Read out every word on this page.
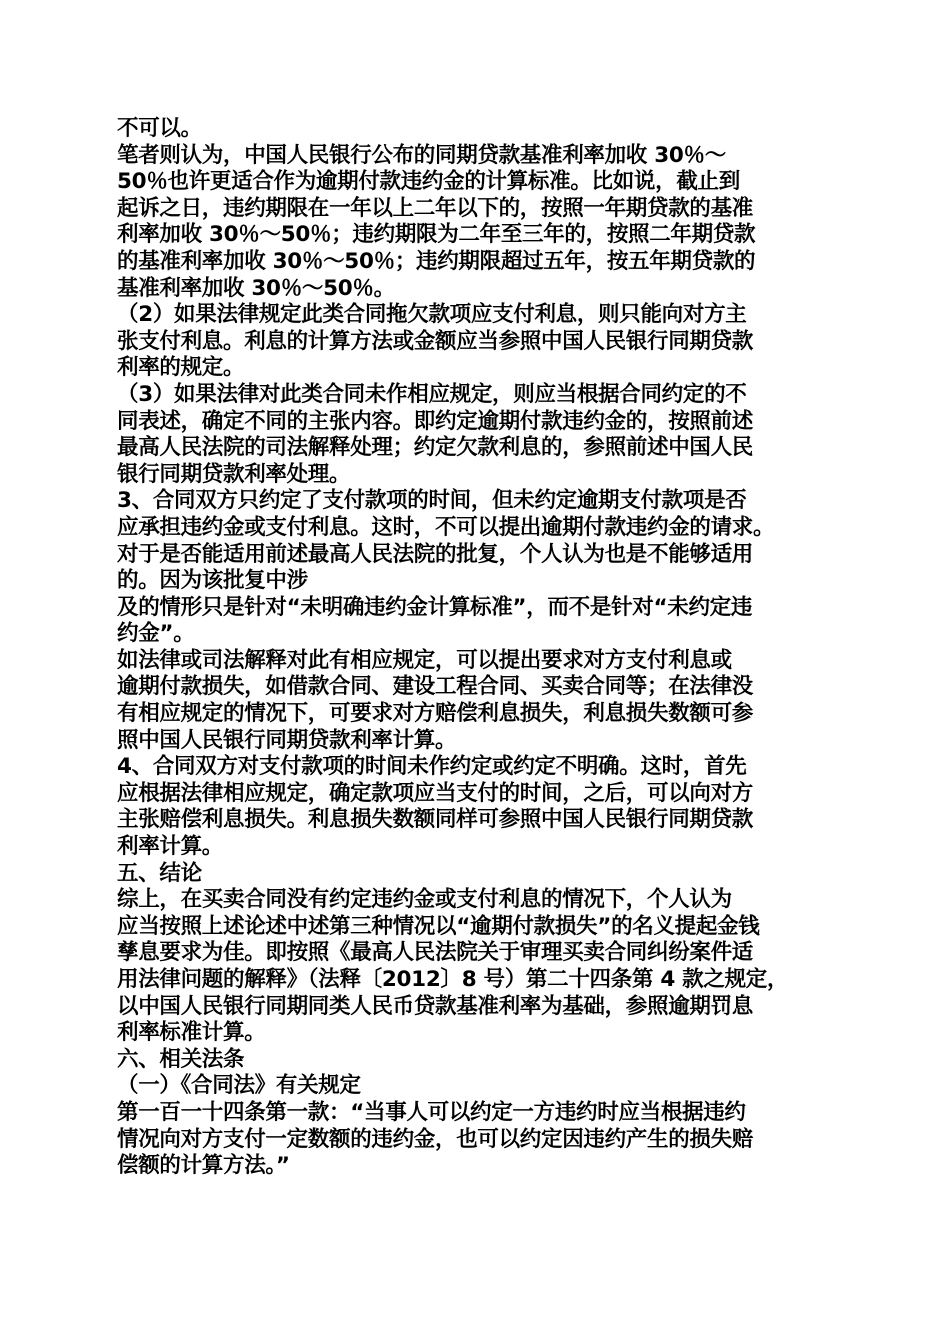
不可以。
笔者则认为，中国人民银行公布的同期贷款基准利率加收 30％～
50％也许更适合作为逾期付款违约金的计算标准。比如说，截止到
起诉之日，违约期限在一年以上二年以下的，按照一年期贷款的基准
利率加收 30％～50％；违约期限为二年至三年的，按照二年期贷款
的基准利率加收 30％～50％；违约期限超过五年，按五年期贷款的
基准利率加收 30％～50％。
（2）如果法律规定此类合同拖欠款项应支付利息，则只能向对方主
张支付利息。利息的计算方法或金额应当参照中国人民银行同期贷款
利率的规定。
（3）如果法律对此类合同未作相应规定，则应当根据合同约定的不
同表述，确定不同的主张内容。即约定逾期付款违约金的，按照前述
最高人民法院的司法解释处理；约定欠款利息的，参照前述中国人民
银行同期贷款利率处理。
3、合同双方只约定了支付款项的时间，但未约定逾期支付款项是否
应承担违约金或支付利息。这时，不可以提出逾期付款违约金的请求。
对于是否能适用前述最高人民法院的批复，个人认为也是不能够适用
的。因为该批复中涉
及的情形只是针对“未明确违约金计算标准”，而不是针对“未约定违
约金”。
如法律或司法解释对此有相应规定，可以提出要求对方支付利息或
逾期付款损失，如借款合同、建设工程合同、买卖合同等；在法律没
有相应规定的情况下，可要求对方赔偿利息损失，利息损失数额可参
照中国人民银行同期贷款利率计算。
4、合同双方对支付款项的时间未作约定或约定不明确。这时，首先
应根据法律相应规定，确定款项应当支付的时间，之后，可以向对方
主张赔偿利息损失。利息损失数额同样可参照中国人民银行同期贷款
利率计算。
五、结论
综上，在买卖合同没有约定违约金或支付利息的情况下，个人认为
应当按照上述论述中述第三种情况以“逾期付款损失”的名义提起金钱
孳息要求为佳。即按照《最高人民法院关于审理买卖合同纠纷案件适
用法律问题的解释》（法释〔2012〕8 号）第二十四条第 4 款之规定，
以中国人民银行同期同类人民币贷款基准利率为基础，参照逾期罚息
利率标准计算。
六、相关法条
（一）《合同法》有关规定
第一百一十四条第一款：“当事人可以约定一方违约时应当根据违约
情况向对方支付一定数额的违约金，也可以约定因违约产生的损失赔
偿额的计算方法。”
